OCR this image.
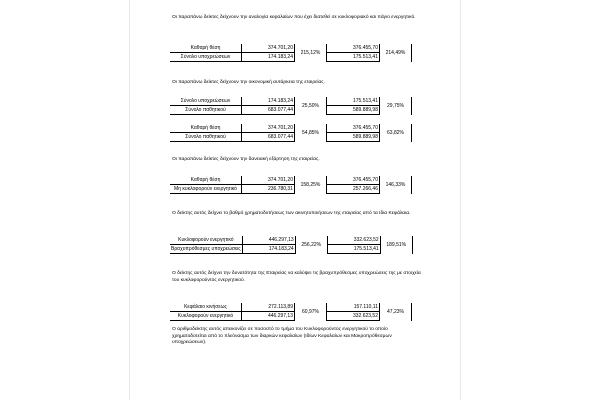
Οι παραπάνω δείκτες δείχνουν την αναλογία κεφαλαίων που έχει διατεθεί σε κυκλοφοριακό και πάγιο ενεργητικό.

Καθαρή θέση	374.701,20	215,12%	376.455,70	214,49%
Σύνολο υποχρεώσεων	174.183,24		175.513,41	

Οι παραπάνω δείκτες δείχνουν την οικονομική αυτάρκεια της εταιρείας.

Σύνολο υποχρεώσεων	174.183,24	25,50%	175.513,41	29,75%
Σύνολο παθητικού	683.077,44		589.889,98	
Καθαρή θέση	374.701,20	54,85%	376.455,70	63,82%
Σύνολο παθητικού	683.077,44		589.889,98	

Οι παραπάνω δείκτες δείχνουν την δανειακή εξάρτηση της εταιρείας.

Καθαρή θέση	374.701,20	158,25%	376.455,70	146,33%
Μη κυκλοφορούν ενεργητικό	236.780,31		257.266,46	

Ο δείκτης αυτός δείχνει το βαθμό χρηματοδοτήσεως των ακινητοποιήσεων της εταιρείας από τα Ιδια Κεφάλαια.

Κυκλοφορούν ενεργητικό	446.297,13	256,22%	332.623,52	189,51%
Βραχυπρόθεσμες υποχρεώσεις	174.183,24		175.513,41	

Ο δείκτης αυτός δείχνει την δυνατότητα της Εταιρείας να καλύψει τις βραχυπρόθεσμες υποχρεώσεις της με στοιχεία του κυκλοφορούντος ενεργητικού.

Κεφάλαιο κινήσεως	272.113,89	60,97%	157.110,11	47,23%
Κυκλοφορούν ενεργητικό	446.297,13		332.623,52	

Ο αριθμοδείκτης αυτός απεικονίζει σε ποσοστό το τμήμα του Κυκλοφορούντος ενεργητικού το οποίο χρηματοδοτείται από το πλεόνασμα των διαρκών κεφαλαίων (Ιδίων Κεφαλαίων και Μακροπρόθεσμων υποχρεώσεων).
